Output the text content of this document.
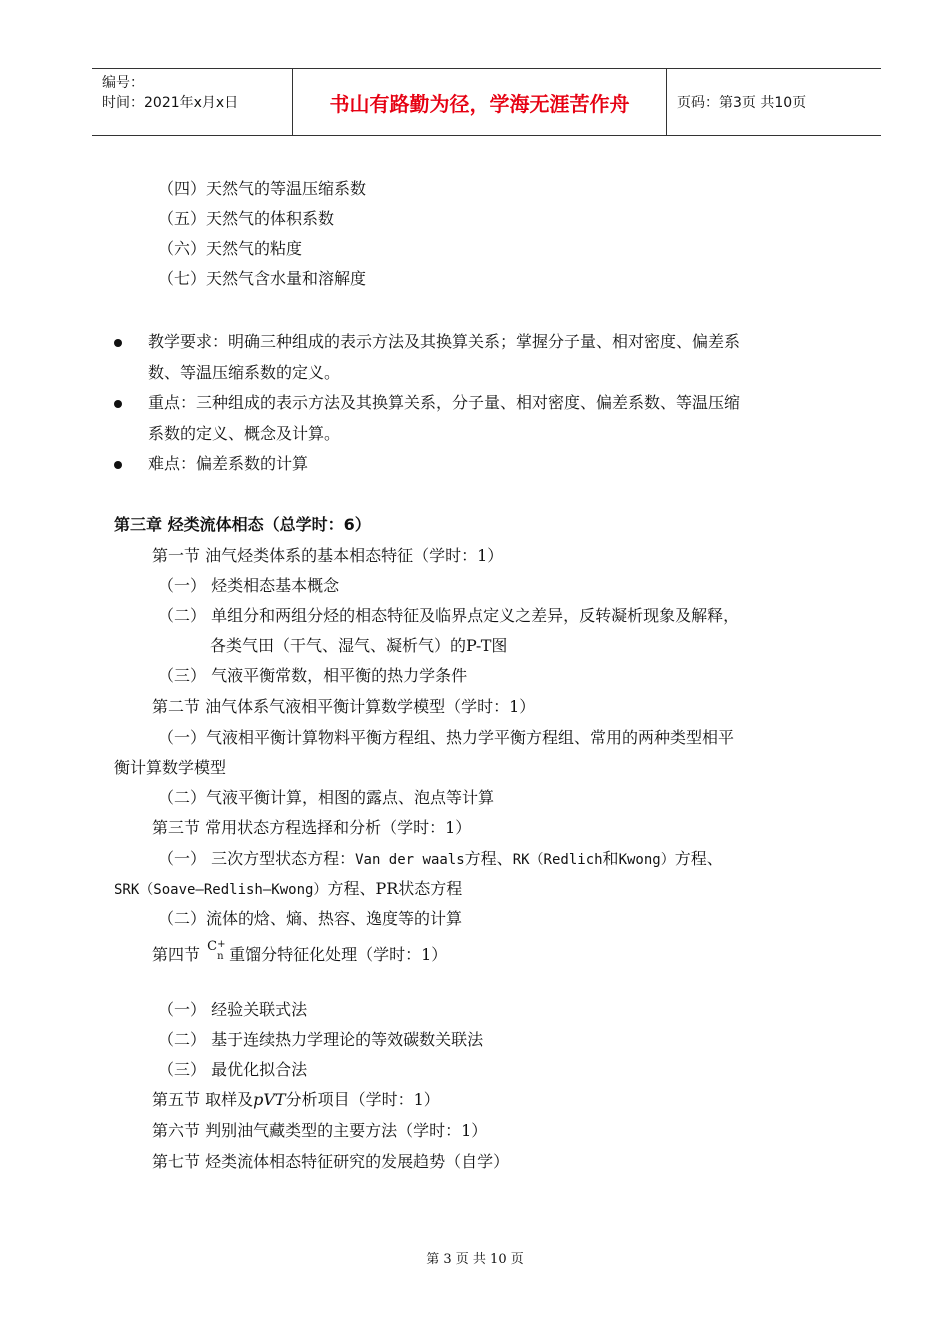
编号：
时间：2021年x月x日	书山有路勤为径，学海无涯苦作舟	页码：第3页 共10页
（四）天然气的等温压缩系数
（五）天然气的体积系数
（六）天然气的粘度
（七）天然气含水量和溶解度
教学要求：明确三种组成的表示方法及其换算关系；掌握分子量、相对密度、偏差系
数、等温压缩系数的定义。
重点：三种组成的表示方法及其换算关系，分子量、相对密度、偏差系数、等温压缩
系数的定义、概念及计算。
难点：偏差系数的计算
第三章 烃类流体相态（总学时：6）
第一节 油气烃类体系的基本相态特征（学时：1）
（一） 烃类相态基本概念
（二） 单组分和两组分烃的相态特征及临界点定义之差异，反转凝析现象及解释，
各类气田（干气、湿气、凝析气）的P-T图
（三） 气液平衡常数，相平衡的热力学条件
第二节 油气体系气液相平衡计算数学模型（学时：1）
（一）气液相平衡计算物料平衡方程组、热力学平衡方程组、常用的两种类型相平
衡计算数学模型
（二）气液平衡计算，相图的露点、泡点等计算
第三节 常用状态方程选择和分析（学时：1）
（一） 三次方型状态方程：Van der waals方程、RK（Redlich和Kwong）方程、
SRK（Soave—Redlish—Kwong）方程、PR状态方程
（二）流体的焓、熵、热容、逸度等的计算
第四节 C +
n 重馏分特征化处理（学时：1）
（一） 经验关联式法
（二） 基于连续热力学理论的等效碳数关联法
（三） 最优化拟合法
第五节 取样及pVT分析项目（学时：1）
第六节 判别油气藏类型的主要方法（学时：1）
第七节 烃类流体相态特征研究的发展趋势（自学）
第 3 页 共 10 页
